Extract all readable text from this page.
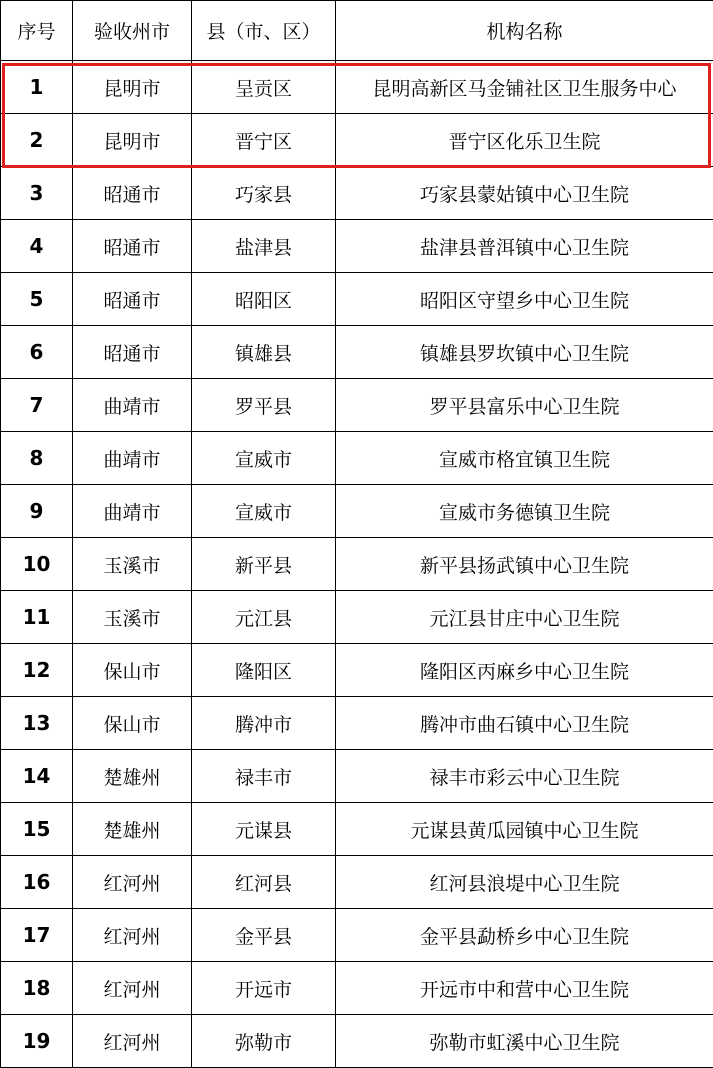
序号	验收州市	县（市、区）	机构名称
1	昆明市	呈贡区	昆明高新区马金铺社区卫生服务中心
2	昆明市	晋宁区	晋宁区化乐卫生院
3	昭通市	巧家县	巧家县蒙姑镇中心卫生院
4	昭通市	盐津县	盐津县普洱镇中心卫生院
5	昭通市	昭阳区	昭阳区守望乡中心卫生院
6	昭通市	镇雄县	镇雄县罗坎镇中心卫生院
7	曲靖市	罗平县	罗平县富乐中心卫生院
8	曲靖市	宣威市	宣威市格宜镇卫生院
9	曲靖市	宣威市	宣威市务德镇卫生院
10	玉溪市	新平县	新平县扬武镇中心卫生院
11	玉溪市	元江县	元江县甘庄中心卫生院
12	保山市	隆阳区	隆阳区丙麻乡中心卫生院
13	保山市	腾冲市	腾冲市曲石镇中心卫生院
14	楚雄州	禄丰市	禄丰市彩云中心卫生院
15	楚雄州	元谋县	元谋县黄瓜园镇中心卫生院
16	红河州	红河县	红河县浪堤中心卫生院
17	红河州	金平县	金平县勐桥乡中心卫生院
18	红河州	开远市	开远市中和营中心卫生院
19	红河州	弥勒市	弥勒市虹溪中心卫生院
